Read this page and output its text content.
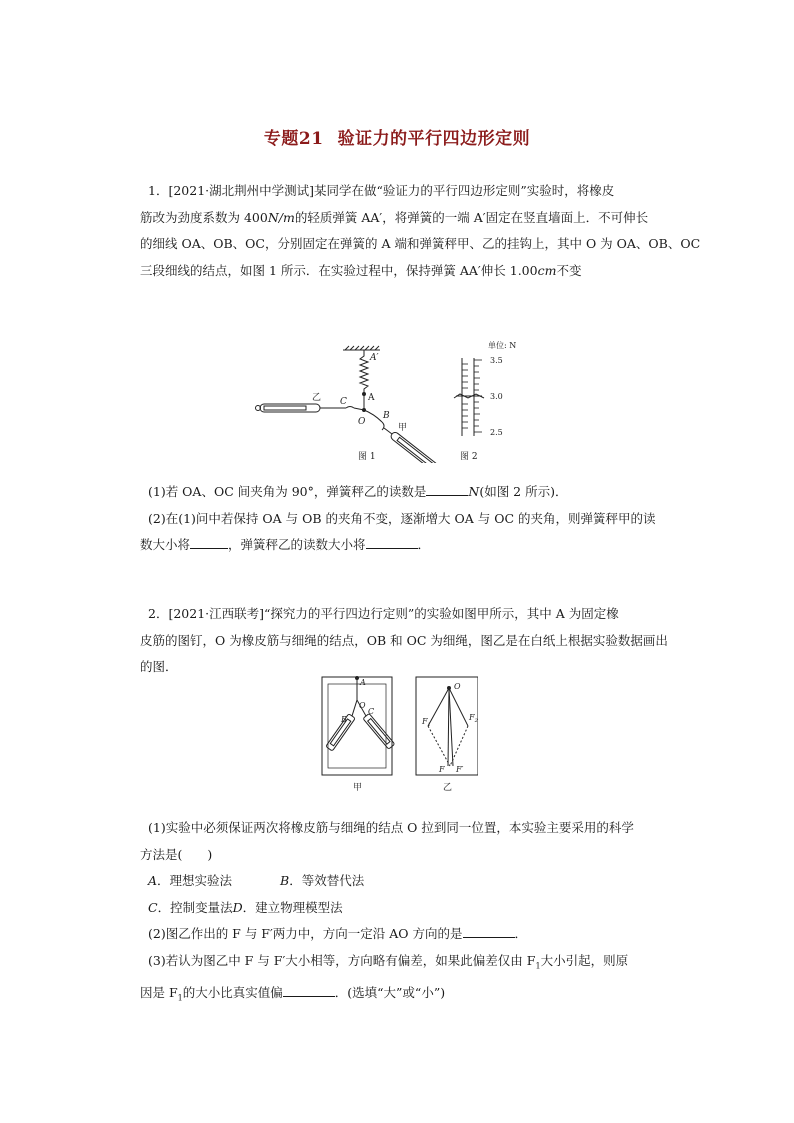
专题21 验证力的平行四边形定则
1．[2021·湖北荆州中学测试]某同学在做“验证力的平行四边形定则”实验时，将橡皮
筋改为劲度系数为 400N/m的轻质弹簧 AA′，将弹簧的一端 A′固定在竖直墙面上．不可伸长
的细线 OA、OB、OC，分别固定在弹簧的 A 端和弹簧秤甲、乙的挂钩上，其中 O 为 OA、OB、OC
三段细线的结点，如图 1 所示．在实验过程中，保持弹簧 AA′伸长 1.00cm不变
A′
A
O
B
C
乙
甲
图 1	图 2
单位: N
3.5
3.0
2.5
(1)若 OA、OC 间夹角为 90°，弹簧秤乙的读数是	N(如图 2 所示)．
(2)在(1)问中若保持 OA 与 OB 的夹角不变，逐渐增大 OA 与 OC 的夹角，则弹簧秤甲的读
数大小将	，弹簧秤乙的读数大小将	．
2．[2021·江西联考]“探究力的平行四边行定则”的实验如图甲所示，其中 A 为固定橡
皮筋的图钉，O 为橡皮筋与细绳的结点，OB 和 OC 为细绳，图乙是在白纸上根据实验数据画出
的图．
A
O
B
C
O
$F_1$
$F_2$
F F′
甲	乙
(1)实验中必须保证两次将橡皮筋与细绳的结点 O 拉到同一位置，本实验主要采用的科学
方法是(　　)
A．理想实验法	B．等效替代法
C．控制变量法D．建立物理模型法
(2)图乙作出的 F 与 F′两力中，方向一定沿 AO 方向的是	．
(3)若认为图乙中 F 与 F′大小相等，方向略有偏差，如果此偏差仅由 $F_1$大小引起，则原
因是 $F_1$的大小比真实值偏	．(选填“大”或“小”)
